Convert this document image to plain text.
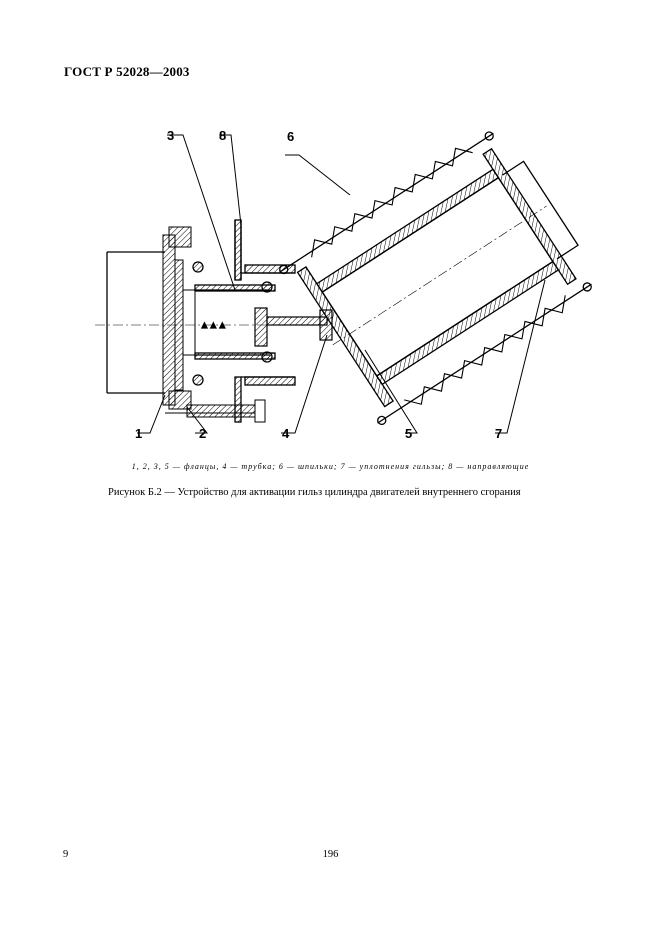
ГОСТ Р 52028—2003
▲▲▲
1	2
3
4	5
6
7
8
1, 2, 3, 5 — фланцы, 4 — трубка; 6 — шпильки; 7 — уплотнения гильзы; 8 — направляющие
Рисунок Б.2 — Устройство для активации гильз цилиндра двигателей внутреннего сгорания
9	196
